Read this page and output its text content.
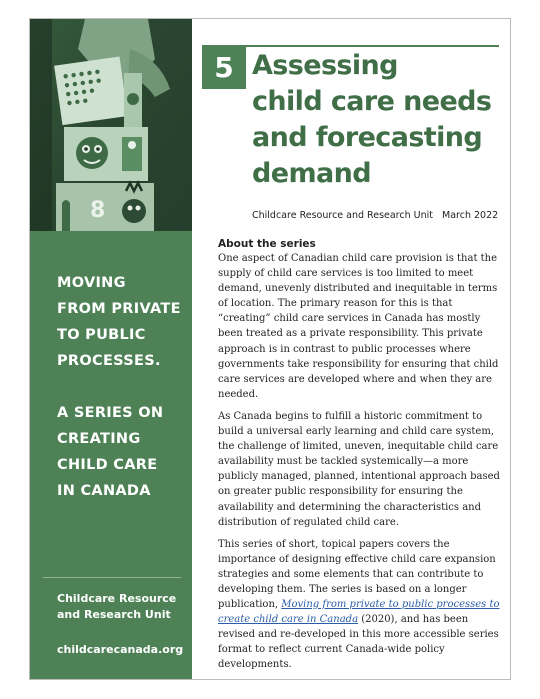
8
MOVING
FROM PRIVATE
TO PUBLIC
PROCESSES.
A SERIES ON
CREATING
CHILD CARE
IN CANADA
Childcare Resource
and Research Unit
childcarecanada.org
5 Assessing
child care needs
and forecasting
demand
Childcare Resource and Research Unit March 2022
About the series

One aspect of Canadian child care provision is that the supply of child care services is too limited to meet demand, unevenly distributed and inequitable in terms of location. The primary reason for this is that “creating” child care services in Canada has mostly been treated as a private responsibility. This private approach is in contrast to public processes where governments take responsibility for ensuring that child care services are developed where and when they are needed.

As Canada begins to fulfill a historic commitment to build a universal early learning and child care system, the challenge of limited, uneven, inequitable child care availability must be tackled systemically—a more publicly managed, planned, intentional approach based on greater public responsibility for ensuring the availability and determining the characteristics and distribution of regulated child care.

This series of short, topical papers covers the importance of designing effective child care expansion strategies and some elements that can contribute to developing them. The series is based on a longer publication, Moving from private to public processes to create child care in Canada (2020), and has been revised and re-developed in this more accessible series format to reflect current Canada-wide policy developments.
